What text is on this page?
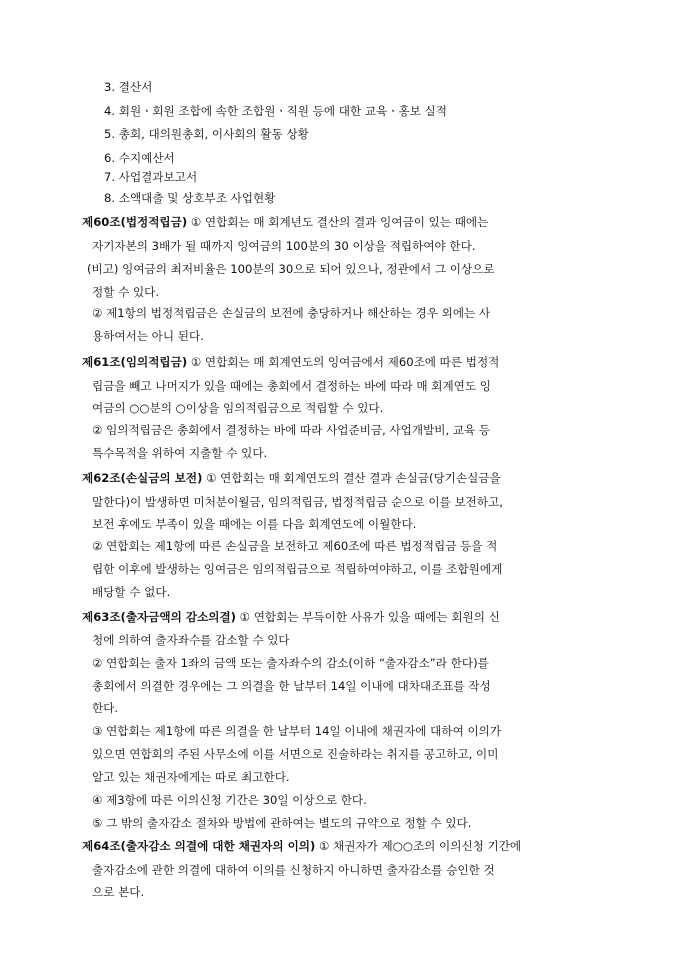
3. 결산서
4. 회원ㆍ회원 조합에 속한 조합원ㆍ직원 등에 대한 교육ㆍ홍보 실적
5. 총회, 대의원총회, 이사회의 활동 상황
6. 수지예산서
7. 사업결과보고서
8. 소액대출 및 상호부조 사업현황
제60조(법정적립금) ① 연합회는 매 회계년도 결산의 결과 잉여금이 있는 때에는
자기자본의 3배가 될 때까지 잉여금의 100분의 30 이상을 적립하여야 한다.
(비고) 잉여금의 최저비율은 100분의 30으로 되어 있으나, 정관에서 그 이상으로
정할 수 있다.
② 제1항의 법정적립금은 손실금의 보전에 충당하거나 해산하는 경우 외에는 사
용하여서는 아니 된다.
제61조(임의적립금) ① 연합회는 매 회계연도의 잉여금에서 제60조에 따른 법정적
립금을 빼고 나머지가 있을 때에는 총회에서 결정하는 바에 따라 매 회계연도 잉
여금의 ○○분의 ○이상을 임의적립금으로 적립할 수 있다.
② 임의적립금은 총회에서 결정하는 바에 따라 사업준비금, 사업개발비, 교육 등
특수목적을 위하여 지출할 수 있다.
제62조(손실금의 보전) ① 연합회는 매 회계연도의 결산 결과 손실금(당기손실금을
말한다)이 발생하면 미처분이월금, 임의적립금, 법정적립금 순으로 이를 보전하고,
보전 후에도 부족이 있을 때에는 이를 다음 회계연도에 이월한다.
② 연합회는 제1항에 따른 손실금을 보전하고 제60조에 따른 법정적립금 등을 적
립한 이후에 발생하는 잉여금은 임의적립금으로 적립하여야하고, 이를 조합원에게
배당할 수 없다.
제63조(출자금액의 감소의결) ① 연합회는 부득이한 사유가 있을 때에는 회원의 신
청에 의하여 출자좌수를 감소할 수 있다
② 연합회는 출자 1좌의 금액 또는 출자좌수의 감소(이하 “출자감소”라 한다)를
총회에서 의결한 경우에는 그 의결을 한 날부터 14일 이내에 대차대조표를 작성
한다.
③ 연합회는 제1항에 따른 의결을 한 날부터 14일 이내에 채권자에 대하여 이의가
있으면 연합회의 주된 사무소에 이를 서면으로 진술하라는 취지를 공고하고, 이미
알고 있는 채권자에게는 따로 최고한다.
④ 제3항에 따른 이의신청 기간은 30일 이상으로 한다.
⑤ 그 밖의 출자감소 절차와 방법에 관하여는 별도의 규약으로 정할 수 있다.
제64조(출자감소 의결에 대한 채권자의 이의) ① 채권자가 제○○조의 이의신청 기간에
출자감소에 관한 의결에 대하여 이의를 신청하지 아니하면 출자감소를 승인한 것
으로 본다.
